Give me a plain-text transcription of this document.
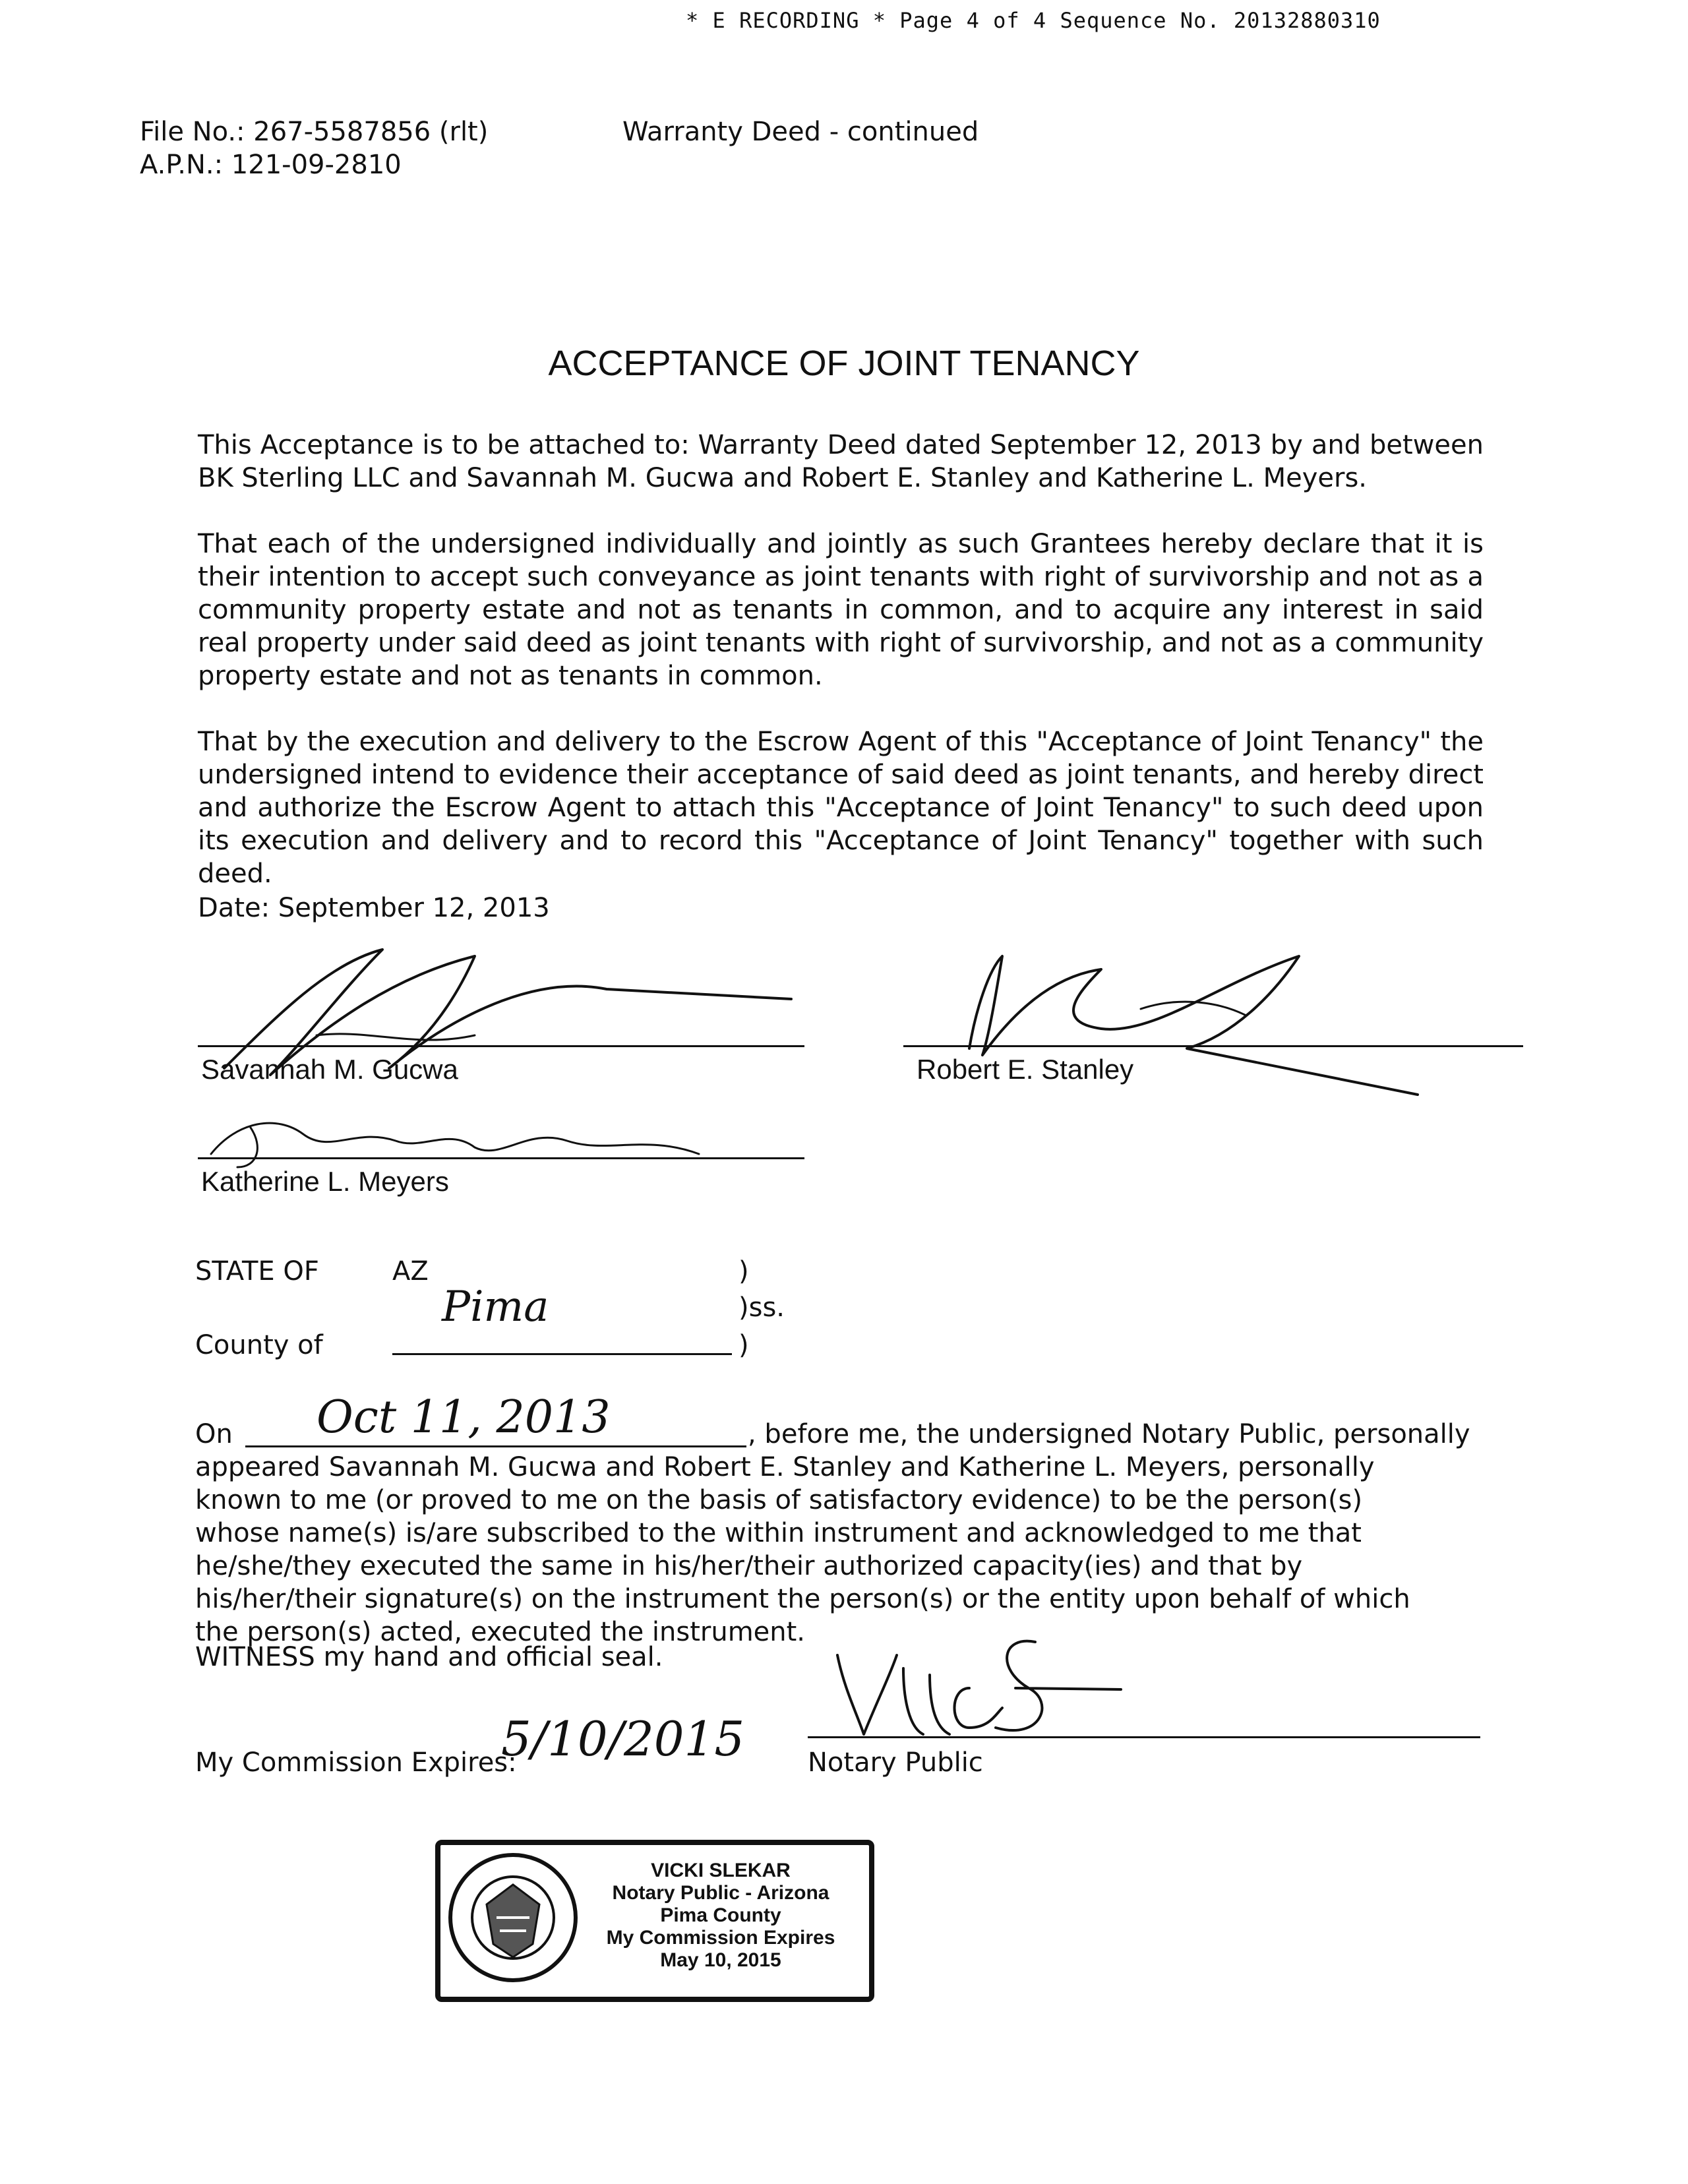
* E RECORDING * Page 4 of 4 Sequence No. 20132880310
File No.: 267-5587856 (rlt)
A.P.N.: 121-09-2810
Warranty Deed - continued
ACCEPTANCE OF JOINT TENANCY
This Acceptance is to be attached to: Warranty Deed dated September 12, 2013 by and between BK Sterling LLC and Savannah M. Gucwa and Robert E. Stanley and Katherine L. Meyers.
That each of the undersigned individually and jointly as such Grantees hereby declare that it is their intention to accept such conveyance as joint tenants with right of survivorship and not as a community property estate and not as tenants in common, and to acquire any interest in said real property under said deed as joint tenants with right of survivorship, and not as a community property estate and not as tenants in common.
That by the execution and delivery to the Escrow Agent of this "Acceptance of Joint Tenancy" the undersigned intend to evidence their acceptance of said deed as joint tenants, and hereby direct and authorize the Escrow Agent to attach this "Acceptance of Joint Tenancy" to such deed upon its execution and delivery and to record this "Acceptance of Joint Tenancy" together with such deed.
Date: September 12, 2013
Savannah M. Gucwa	Robert E. Stanley
Katherine L. Meyers
STATE OF	AZ	)
)ss.
County of
Pima
)
On Oct 11, 2013	, before me, the undersigned Notary Public, personally
appeared Savannah M. Gucwa and Robert E. Stanley and Katherine L. Meyers, personally known to me (or proved to me on the basis of satisfactory evidence) to be the person(s) whose name(s) is/are subscribed to the within instrument and acknowledged to me that he/she/they executed the same in his/her/their authorized capacity(ies) and that by his/her/their signature(s) on the instrument the person(s) or the entity upon behalf of which the person(s) acted, executed the instrument.
WITNESS my hand and official seal.
Notary Public
My Commission Expires:
5/10/2015
VICKI SLEKAR
Notary Public - Arizona
Pima County
My Commission Expires
May 10, 2015
